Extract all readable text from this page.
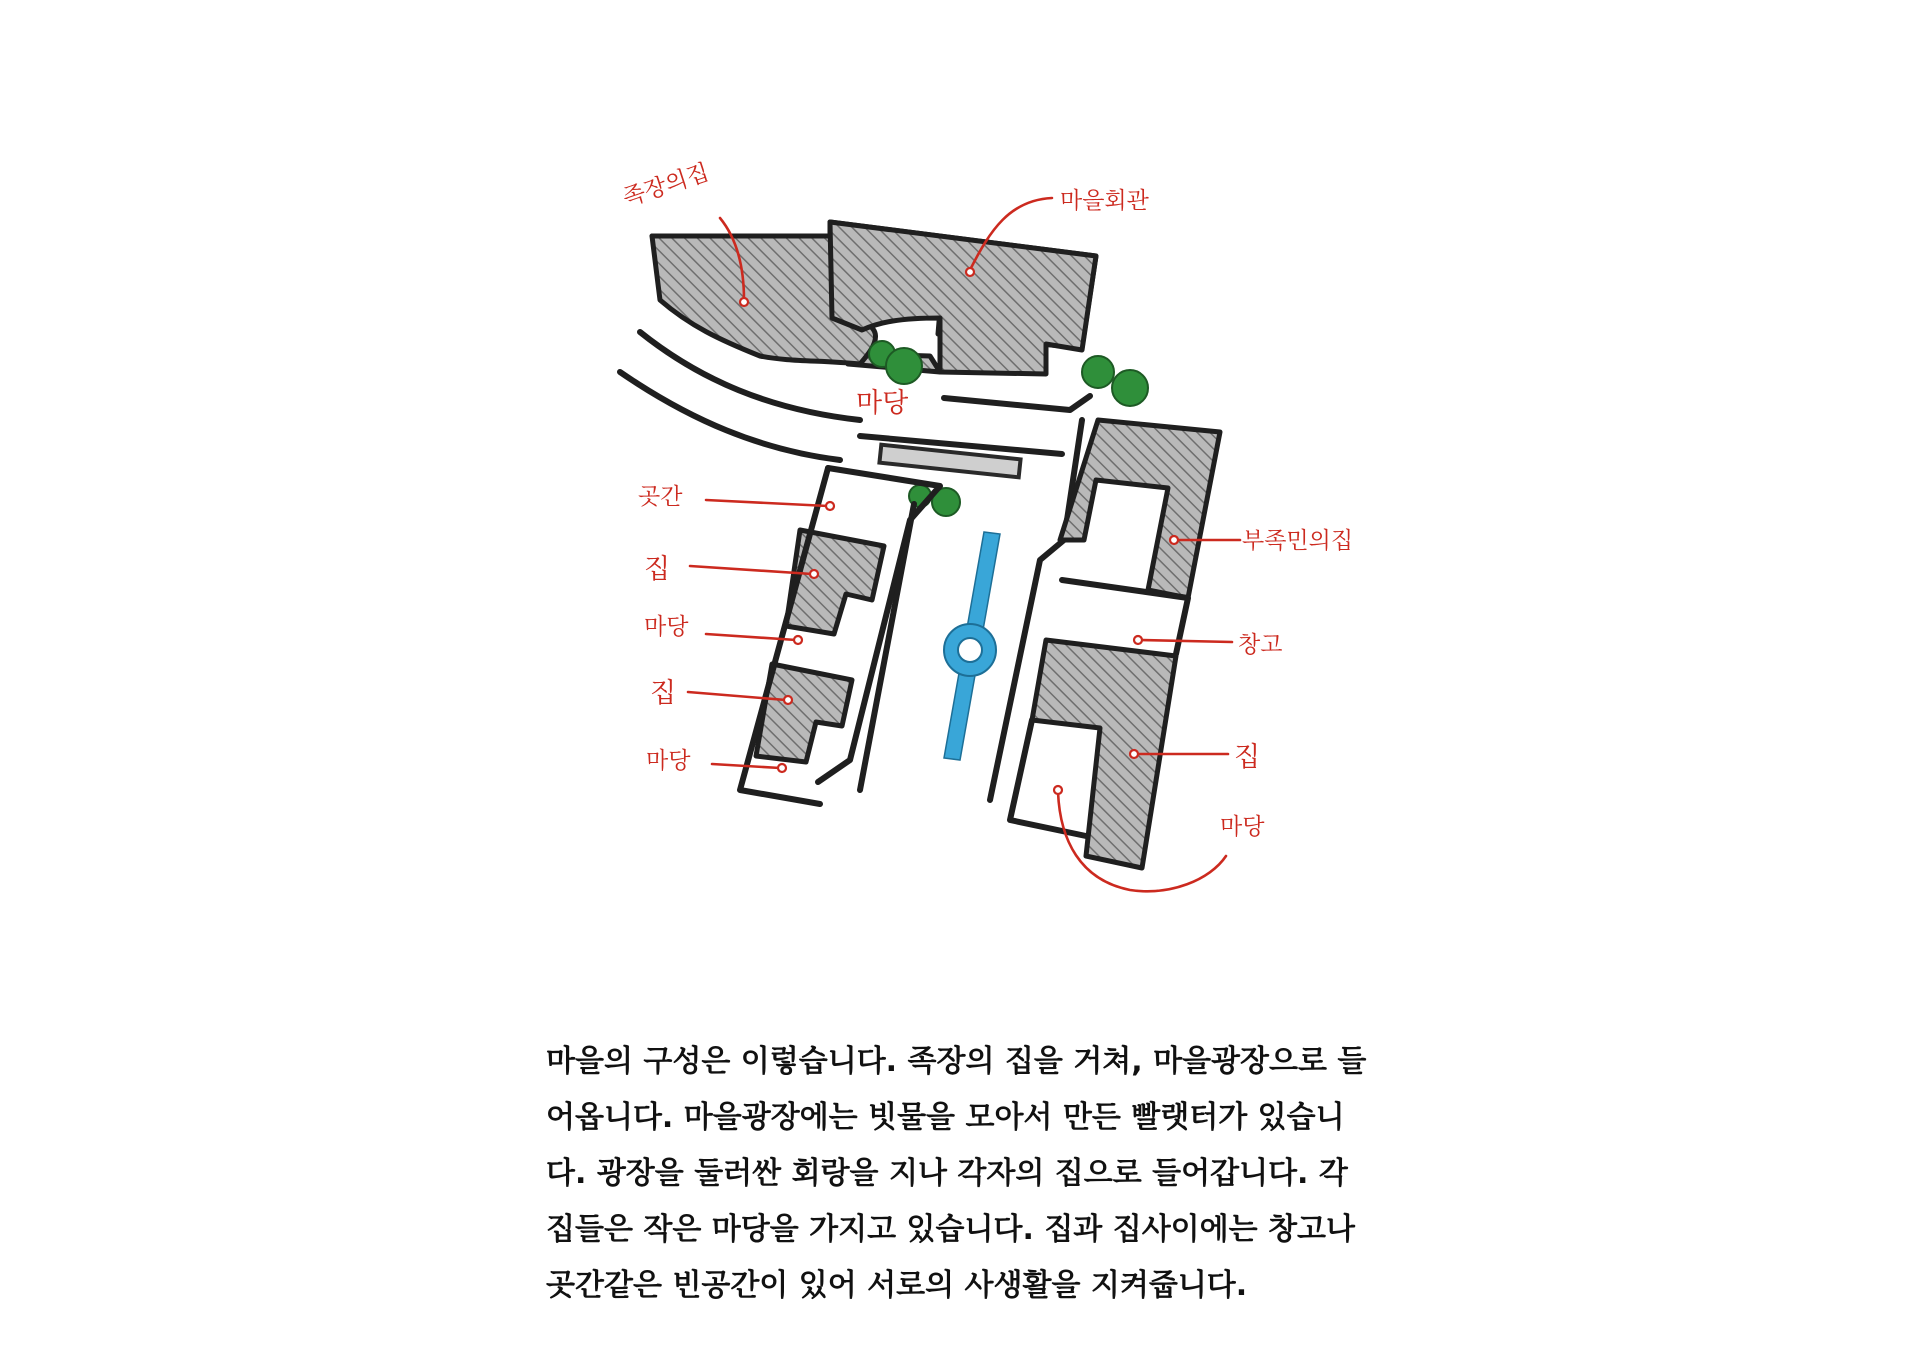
족장의집	마을회관
마당
곳간
집
마당
집
마당
부족민의집
창고
집
마당
마을의 구성은 이렇습니다. 족장의 집을 거쳐, 마을광장으로 들
어옵니다. 마을광장에는 빗물을 모아서 만든 빨랫터가 있습니
다. 광장을 둘러싼 회랑을 지나 각자의 집으로 들어갑니다. 각
집들은 작은 마당을 가지고 있습니다. 집과 집사이에는 창고나
곳간같은 빈공간이 있어 서로의 사생활을 지켜줍니다.
